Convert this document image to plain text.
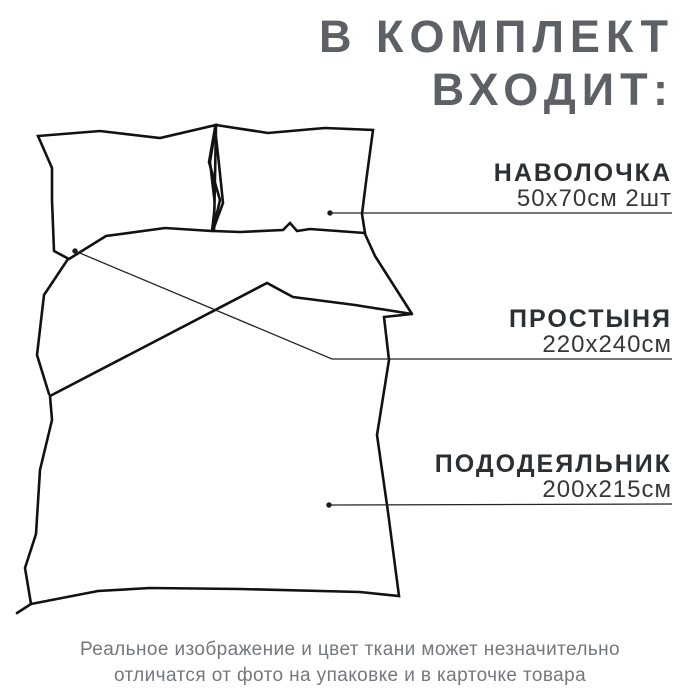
В КОМПЛЕКТ
ВХОДИТ:
НАВОЛОЧКА
50х70см 2шт
ПРОСТЫНЯ
220х240см
ПОДОДЕЯЛЬНИК
200х215см
Реальное изображение и цвет ткани может незначительно
отличатся от фото на упаковке и в карточке товара
